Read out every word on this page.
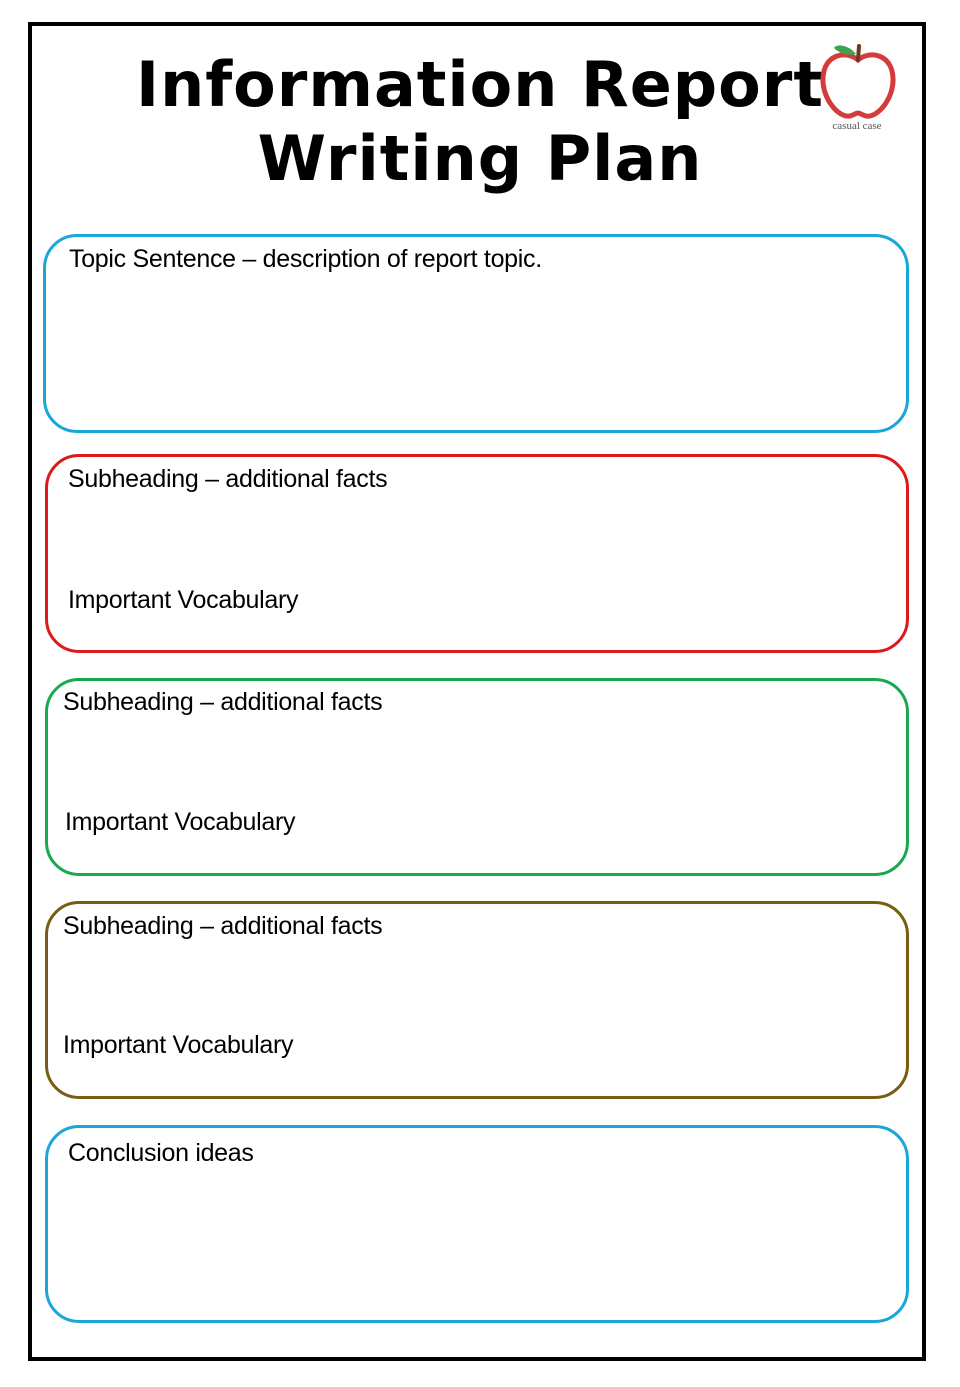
Information Report
Writing Plan	casual case
Topic Sentence – description of report topic.
Subheading – additional facts
Important Vocabulary
Subheading – additional facts
Important Vocabulary
Subheading – additional facts
Important Vocabulary
Conclusion ideas
